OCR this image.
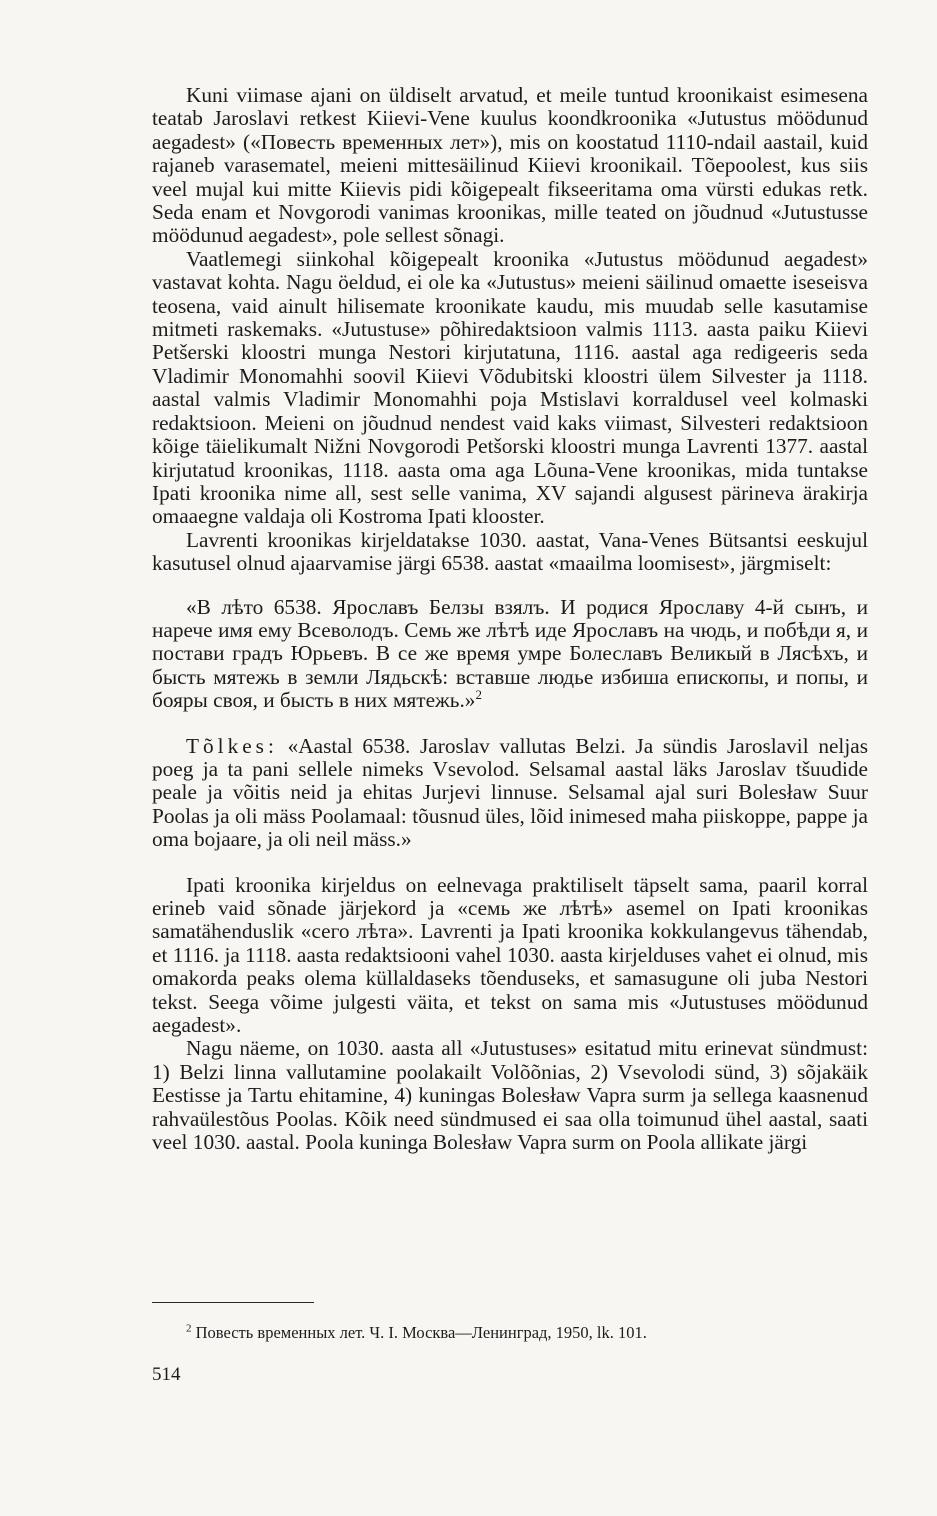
Kuni viimase ajani on üldiselt arvatud, et meile tuntud kroonikaist esimesena teatab Jaroslavi retkest Kiievi-Vene kuulus koondkroonika «Jutustus möödunud aegadest» («Повесть временных лет»), mis on koostatud 1110-ndail aastail, kuid rajaneb varasematel, meieni mittesäilinud Kiievi kroonikail. Tõepoolest, kus siis veel mujal kui mitte Kiievis pidi kõigepealt fikseeritama oma vürsti edukas retk. Seda enam et Novgorodi vanimas kroonikas, mille teated on jõudnud «Jutustusse möödunud aegadest», pole sellest sõnagi.

Vaatlemegi siinkohal kõigepealt kroonika «Jutustus möödunud aegadest» vastavat kohta. Nagu öeldud, ei ole ka «Jutustus» meieni säilinud omaette iseseisva teosena, vaid ainult hilisemate kroonikate kaudu, mis muudab selle kasutamise mitmeti raskemaks. «Jutustuse» põhiredaktsioon valmis 1113. aasta paiku Kiievi Petšerski kloostri munga Nestori kirjutatuna, 1116. aastal aga redigeeris seda Vladimir Monomahhi soovil Kiievi Võdubitski kloostri ülem Silvester ja 1118. aastal valmis Vladimir Monomahhi poja Mstislavi korraldusel veel kolmaski redaktsioon. Meieni on jõudnud nendest vaid kaks viimast, Silvesteri redaktsioon kõige täielikumalt Nižni Novgorodi Petšorski kloostri munga Lavrenti 1377. aastal kirjutatud kroonikas, 1118. aasta oma aga Lõuna-Vene kroonikas, mida tuntakse Ipati kroonika nime all, sest selle vanima, XV sajandi algusest pärineva ärakirja omaaegne valdaja oli Kostroma Ipati klooster.

Lavrenti kroonikas kirjeldatakse 1030. aastat, Vana-Venes Bütsantsi eeskujul kasutusel olnud ajaarvamise järgi 6538. aastat «maailma loomisest», järgmiselt:

«В лѣто 6538. Ярославъ Белзы взялъ. И родися Ярославу 4-й сынъ, и нарече имя ему Всеволодъ. Семь же лѣтѣ иде Ярославъ на чюдь, и побѣди я, и постави градъ Юрьевъ. В се же время умре Болеславъ Великый в Лясѣхъ, и бысть мятежь в земли Лядьскѣ: вставше людье избиша епископы, и попы, и бояры своя, и бысть в них мятежь.»$^2$

Tõlkes: «Aastal 6538. Jaroslav vallutas Belzi. Ja sündis Jaroslavil neljas poeg ja ta pani sellele nimeks Vsevolod. Selsamal aastal läks Jaroslav tšuudide peale ja võitis neid ja ehitas Jurjevi linnuse. Selsamal ajal suri Bolesław Suur Poolas ja oli mäss Poolamaal: tõusnud üles, lõid inimesed maha piiskoppe, pappe ja oma bojaare, ja oli neil mäss.»

Ipati kroonika kirjeldus on eelnevaga praktiliselt täpselt sama, paaril korral erineb vaid sõnade järjekord ja «семь же лѣтѣ» asemel on Ipati kroonikas samatähenduslik «сего лѣта». Lavrenti ja Ipati kroonika kokkulangevus tähendab, et 1116. ja 1118. aasta redaktsiooni vahel 1030. aasta kirjelduses vahet ei olnud, mis omakorda peaks olema küllaldaseks tõenduseks, et samasugune oli juba Nestori tekst. Seega võime julgesti väita, et tekst on sama mis «Jutustuses möödunud aegadest».

Nagu näeme, on 1030. aasta all «Jutustuses» esitatud mitu erinevat sündmust: 1) Belzi linna vallutamine poolakailt Volõõnias, 2) Vsevolodi sünd, 3) sõjakäik Eestisse ja Tartu ehitamine, 4) kuningas Bolesław Vapra surm ja sellega kaasnenud rahvaülestõus Poolas. Kõik need sündmused ei saa olla toimunud ühel aastal, saati veel 1030. aastal. Poola kuninga Bolesław Vapra surm on Poola allikate järgi

$^2$ Повесть временных лет. Ч. I. Москва—Ленинград, 1950, lk. 101.
514
